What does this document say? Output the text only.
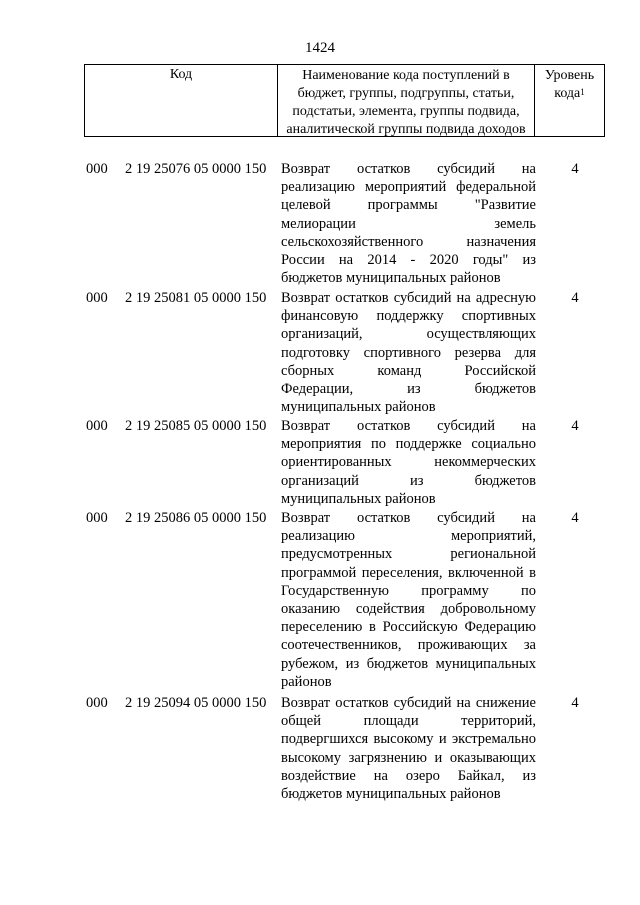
1424
Код	Наименование кода поступлений в
бюджет, группы, подгруппы, статьи,
подстатьи, элемента, группы подвида,
аналитической группы подвида доходов
Уровень
кода$^1$
000 2 19 25076 05 0000 150 Возврат остатков субсидий на
реализацию мероприятий федеральной
целевой программы "Развитие
мелиорации земель
сельскохозяйственного назначения
России на 2014 - 2020 годы" из
бюджетов муниципальных районов
4
000 2 19 25081 05 0000 150 Возврат остатков субсидий на адресную
финансовую поддержку спортивных
организаций, осуществляющих
подготовку спортивного резерва для
сборных команд Российской
Федерации, из бюджетов
муниципальных районов
4
000 2 19 25085 05 0000 150 Возврат остатков субсидий на
мероприятия по поддержке социально
ориентированных некоммерческих
организаций из бюджетов
муниципальных районов
4
000 2 19 25086 05 0000 150 Возврат остатков субсидий на
реализацию мероприятий,
предусмотренных региональной
программой переселения, включенной в
Государственную программу по
оказанию содействия добровольному
переселению в Российскую Федерацию
соотечественников, проживающих за
рубежом, из бюджетов муниципальных
районов
4
000 2 19 25094 05 0000 150 Возврат остатков субсидий на снижение
общей площади территорий,
подвергшихся высокому и экстремально
высокому загрязнению и оказывающих
воздействие на озеро Байкал, из
бюджетов муниципальных районов
4
